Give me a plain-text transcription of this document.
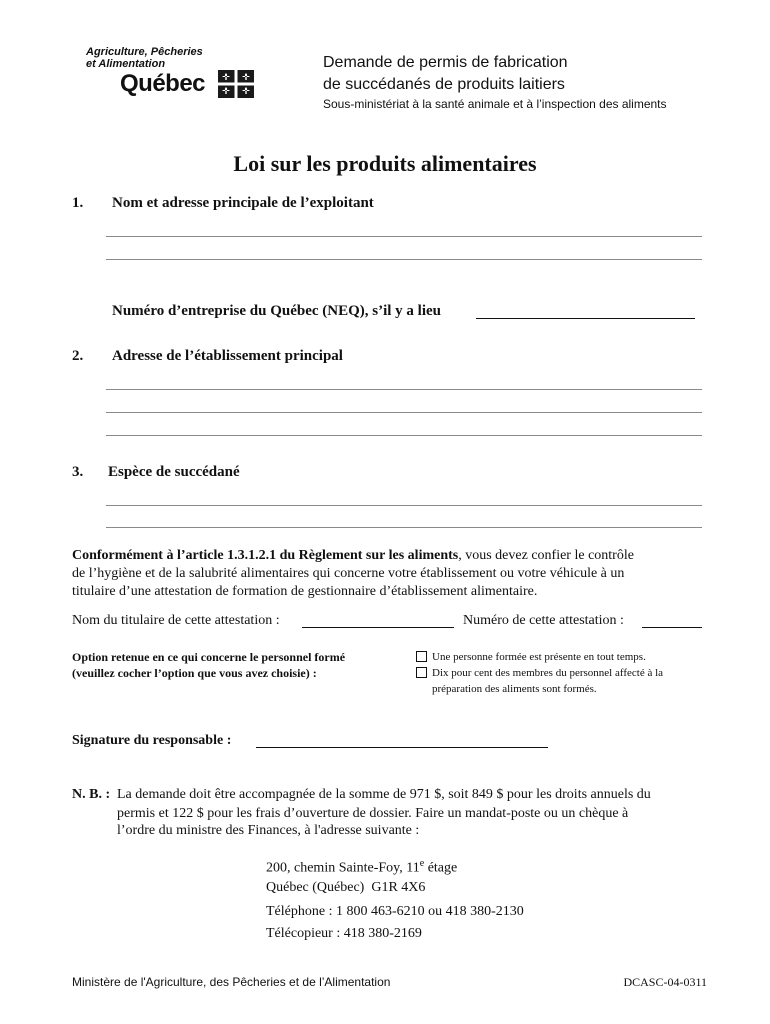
Agriculture, Pêcheries
et Alimentation
Québec
Demande de permis de fabrication
de succédanés de produits laitiers
Sous-ministériat à la santé animale et à l’inspection des aliments
Loi sur les produits alimentaires
1. Nom et adresse principale de l’exploitant
Numéro d’entreprise du Québec (NEQ), s’il y a lieu
2. Adresse de l’établissement principal
3. Espèce de succédané
Conformément à l’article 1.3.1.2.1 du Règlement sur les aliments, vous devez confier le contrôle
de l’hygiène et de la salubrité alimentaires qui concerne votre établissement ou votre véhicule à un
titulaire d’une attestation de formation de gestionnaire d’établissement alimentaire.
Nom du titulaire de cette attestation :	Numéro de cette attestation :
Option retenue en ce qui concerne le personnel formé
(veuillez cocher l’option que vous avez choisie) :
Une personne formée est présente en tout temps.
Dix pour cent des membres du personnel affecté à la
préparation des aliments sont formés.
Signature du responsable :
N. B. : La demande doit être accompagnée de la somme de 971 $, soit 849 $ pour les droits annuels du
permis et 122 $ pour les frais d’ouverture de dossier. Faire un mandat-poste ou un chèque à
l’ordre du ministre des Finances, à l'adresse suivante :
200, chemin Sainte-Foy, 11e étage
Québec (Québec)  G1R 4X6
Téléphone : 1 800 463-6210 ou 418 380-2130
Télécopieur : 418 380-2169
Ministère de l'Agriculture, des Pêcheries et de l’Alimentation	DCASC-04-0311
